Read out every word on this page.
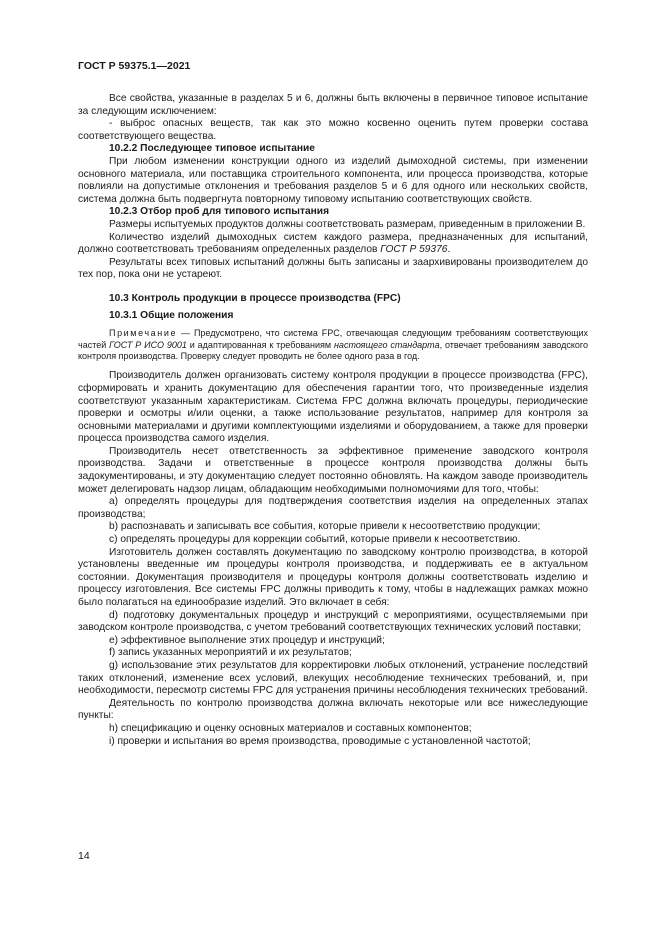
ГОСТ Р 59375.1—2021

Все свойства, указанные в разделах 5 и 6, должны быть включены в первичное типовое испытание за следующим исключением:

- выброс опасных веществ, так как это можно косвенно оценить путем проверки состава соответствующего вещества.

10.2.2 Последующее типовое испытание

При любом изменении конструкции одного из изделий дымоходной системы, при изменении основного материала, или поставщика строительного компонента, или процесса производства, которые повлияли на допустимые отклонения и требования разделов 5 и 6 для одного или нескольких свойств, система должна быть подвергнута повторному типовому испытанию соответствующих свойств.

10.2.3 Отбор проб для типового испытания

Размеры испытуемых продуктов должны соответствовать размерам, приведенным в приложении В.

Количество изделий дымоходных систем каждого размера, предназначенных для испытаний, должно соответствовать требованиям определенных разделов ГОСТ Р 59376.

Результаты всех типовых испытаний должны быть записаны и заархивированы производителем до тех пор, пока они не устареют.

10.3 Контроль продукции в процессе производства (FPC)
10.3.1 Общие положения
Примечание — Предусмотрено, что система FPC, отвечающая следующим требованиям соответствующих частей ГОСТ Р ИСО 9001 и адаптированная к требованиям настоящего стандарта, отвечает требованиям заводского контроля производства. Проверку следует проводить не более одного раза в год.

Производитель должен организовать систему контроля продукции в процессе производства (FPC), сформировать и хранить документацию для обеспечения гарантии того, что произведенные изделия соответствуют указанным характеристикам. Система FPC должна включать процедуры, периодические проверки и осмотры и/или оценки, а также использование результатов, например для контроля за основными материалами и другими комплектующими изделиями и оборудованием, а также для проверки процесса производства самого изделия.

Производитель несет ответственность за эффективное применение заводского контроля производства. Задачи и ответственные в процессе контроля производства должны быть задокументированы, и эту документацию следует постоянно обновлять. На каждом заводе производитель может делегировать надзор лицам, обладающим необходимыми полномочиями для того, чтобы:

а) определять процедуры для подтверждения соответствия изделия на определенных этапах производства;

b) распознавать и записывать все события, которые привели к несоответствию продукции;

c) определять процедуры для коррекции событий, которые привели к несоответствию.

Изготовитель должен составлять документацию по заводскому контролю производства, в которой установлены введенные им процедуры контроля производства, и поддерживать ее в актуальном состоянии. Документация производителя и процедуры контроля должны соответствовать изделию и процессу изготовления. Все системы FPC должны приводить к тому, чтобы в надлежащих рамках можно было полагаться на единообразие изделий. Это включает в себя:

d) подготовку документальных процедур и инструкций с мероприятиями, осуществляемыми при заводском контроле производства, с учетом требований соответствующих технических условий поставки;

e) эффективное выполнение этих процедур и инструкций;

f) запись указанных мероприятий и их результатов;

g) использование этих результатов для корректировки любых отклонений, устранение последствий таких отклонений, изменение всех условий, влекущих несоблюдение технических требований, и, при необходимости, пересмотр системы FPC для устранения причины несоблюдения технических требований.

Деятельность по контролю производства должна включать некоторые или все нижеследующие пункты:

h) спецификацию и оценку основных материалов и составных компонентов;

i) проверки и испытания во время производства, проводимые с установленной частотой;

14
